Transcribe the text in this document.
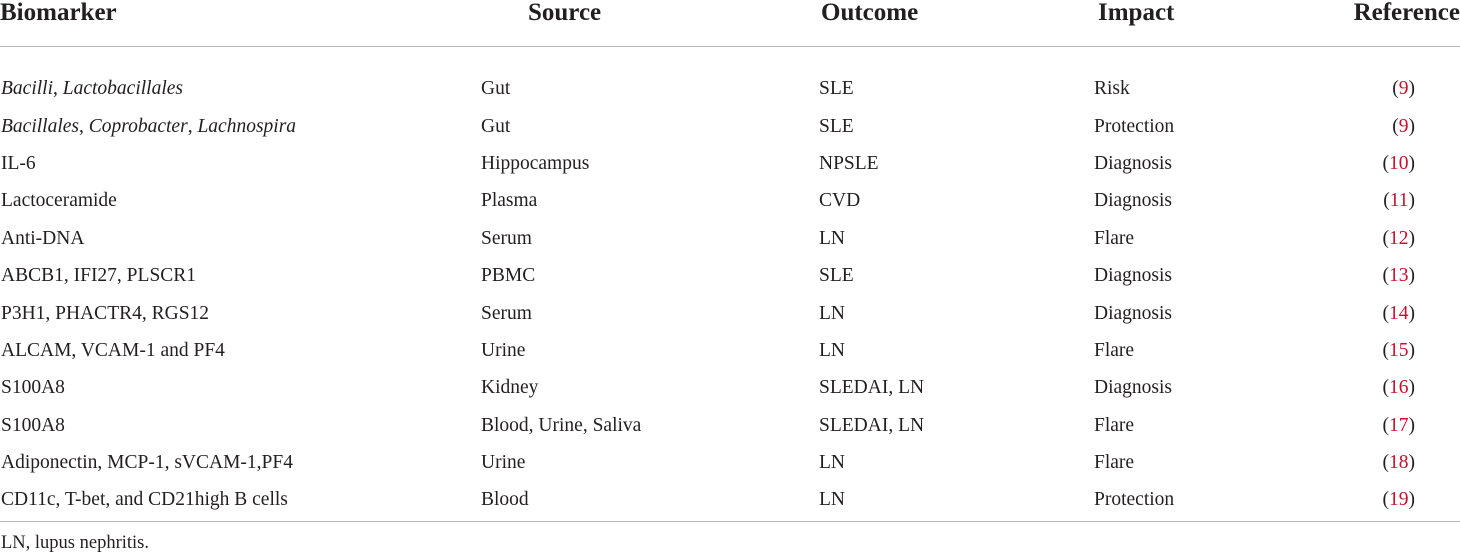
Biomarker	Source	Outcome	Impact	Reference
Bacilli, Lactobacillales	Gut	SLE	Risk	(9)
Bacillales, Coprobacter, Lachnospira	Gut	SLE	Protection	(9)
IL-6	Hippocampus	NPSLE	Diagnosis	(10)
Lactoceramide	Plasma	CVD	Diagnosis	(11)
Anti-DNA	Serum	LN	Flare	(12)
ABCB1, IFI27, PLSCR1	PBMC	SLE	Diagnosis	(13)
P3H1, PHACTR4, RGS12	Serum	LN	Diagnosis	(14)
ALCAM, VCAM-1 and PF4	Urine	LN	Flare	(15)
S100A8	Kidney	SLEDAI, LN	Diagnosis	(16)
S100A8	Blood, Urine, Saliva	SLEDAI, LN	Flare	(17)
Adiponectin, MCP-1, sVCAM-1,PF4	Urine	LN	Flare	(18)
CD11c, T-bet, and CD21high B cells	Blood	LN	Protection	(19)
LN, lupus nephritis.
